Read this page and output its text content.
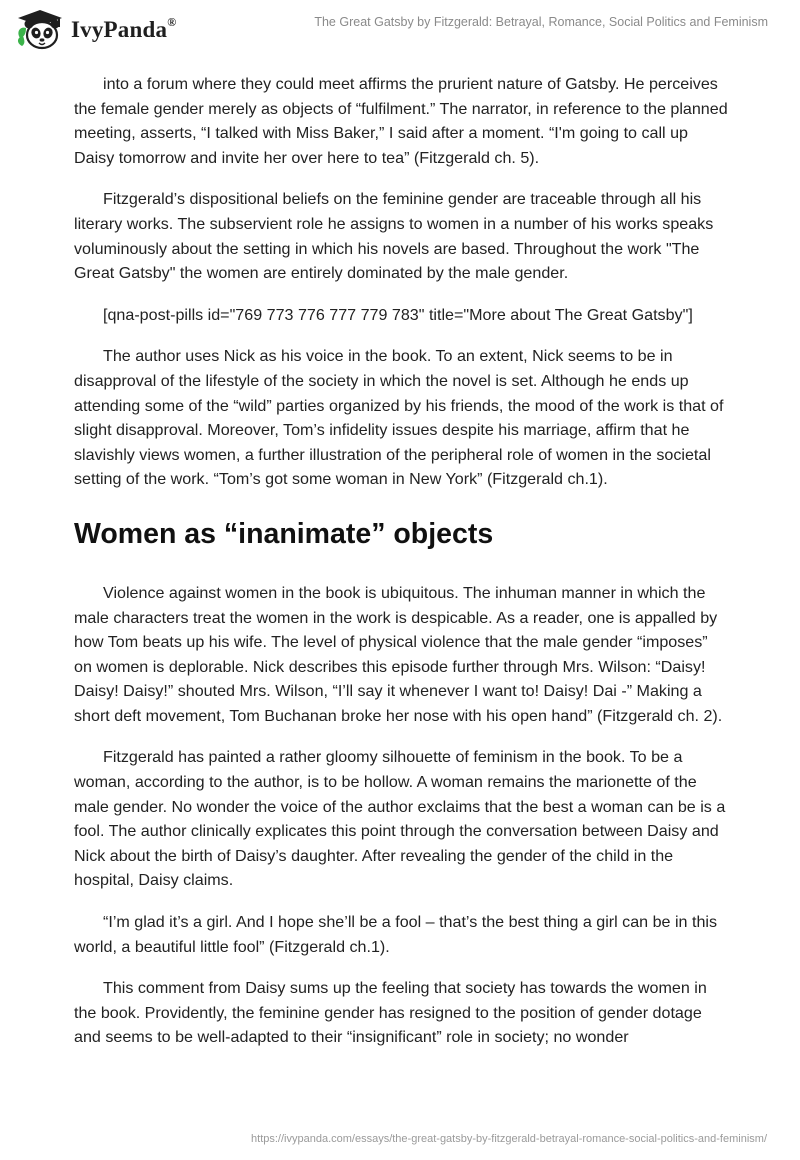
IvyPanda®	The Great Gatsby by Fitzgerald: Betrayal, Romance, Social Politics and Feminism

into a forum where they could meet affirms the prurient nature of Gatsby. He perceives the female gender merely as objects of “fulfilment.” The narrator, in reference to the planned meeting, asserts, “I talked with Miss Baker,” I said after a moment. “I'm going to call up Daisy tomorrow and invite her over here to tea” (Fitzgerald ch. 5).

Fitzgerald’s dispositional beliefs on the feminine gender are traceable through all his literary works. The subservient role he assigns to women in a number of his works speaks voluminously about the setting in which his novels are based. Throughout the work "The Great Gatsby" the women are entirely dominated by the male gender.

[qna-post-pills id="769 773 776 777 779 783" title="More about The Great Gatsby"]

The author uses Nick as his voice in the book. To an extent, Nick seems to be in disapproval of the lifestyle of the society in which the novel is set. Although he ends up attending some of the “wild” parties organized by his friends, the mood of the work is that of slight disapproval. Moreover, Tom’s infidelity issues despite his marriage, affirm that he slavishly views women, a further illustration of the peripheral role of women in the societal setting of the work. “Tom’s got some woman in New York” (Fitzgerald ch.1).

Women as “inanimate” objects

Violence against women in the book is ubiquitous. The inhuman manner in which the male characters treat the women in the work is despicable. As a reader, one is appalled by how Tom beats up his wife. The level of physical violence that the male gender “imposes” on women is deplorable. Nick describes this episode further through Mrs. Wilson: “Daisy! Daisy! Daisy!” shouted Mrs. Wilson, “I’ll say it whenever I want to! Daisy! Dai -” Making a short deft movement, Tom Buchanan broke her nose with his open hand” (Fitzgerald ch. 2).

Fitzgerald has painted a rather gloomy silhouette of feminism in the book. To be a woman, according to the author, is to be hollow. A woman remains the marionette of the male gender. No wonder the voice of the author exclaims that the best a woman can be is a fool. The author clinically explicates this point through the conversation between Daisy and Nick about the birth of Daisy’s daughter. After revealing the gender of the child in the hospital, Daisy claims.

“I’m glad it’s a girl. And I hope she’ll be a fool – that’s the best thing a girl can be in this world, a beautiful little fool” (Fitzgerald ch.1).

This comment from Daisy sums up the feeling that society has towards the women in the book. Providently, the feminine gender has resigned to the position of gender dotage and seems to be well-adapted to their “insignificant” role in society; no wonder

https://ivypanda.com/essays/the-great-gatsby-by-fitzgerald-betrayal-romance-social-politics-and-feminism/
